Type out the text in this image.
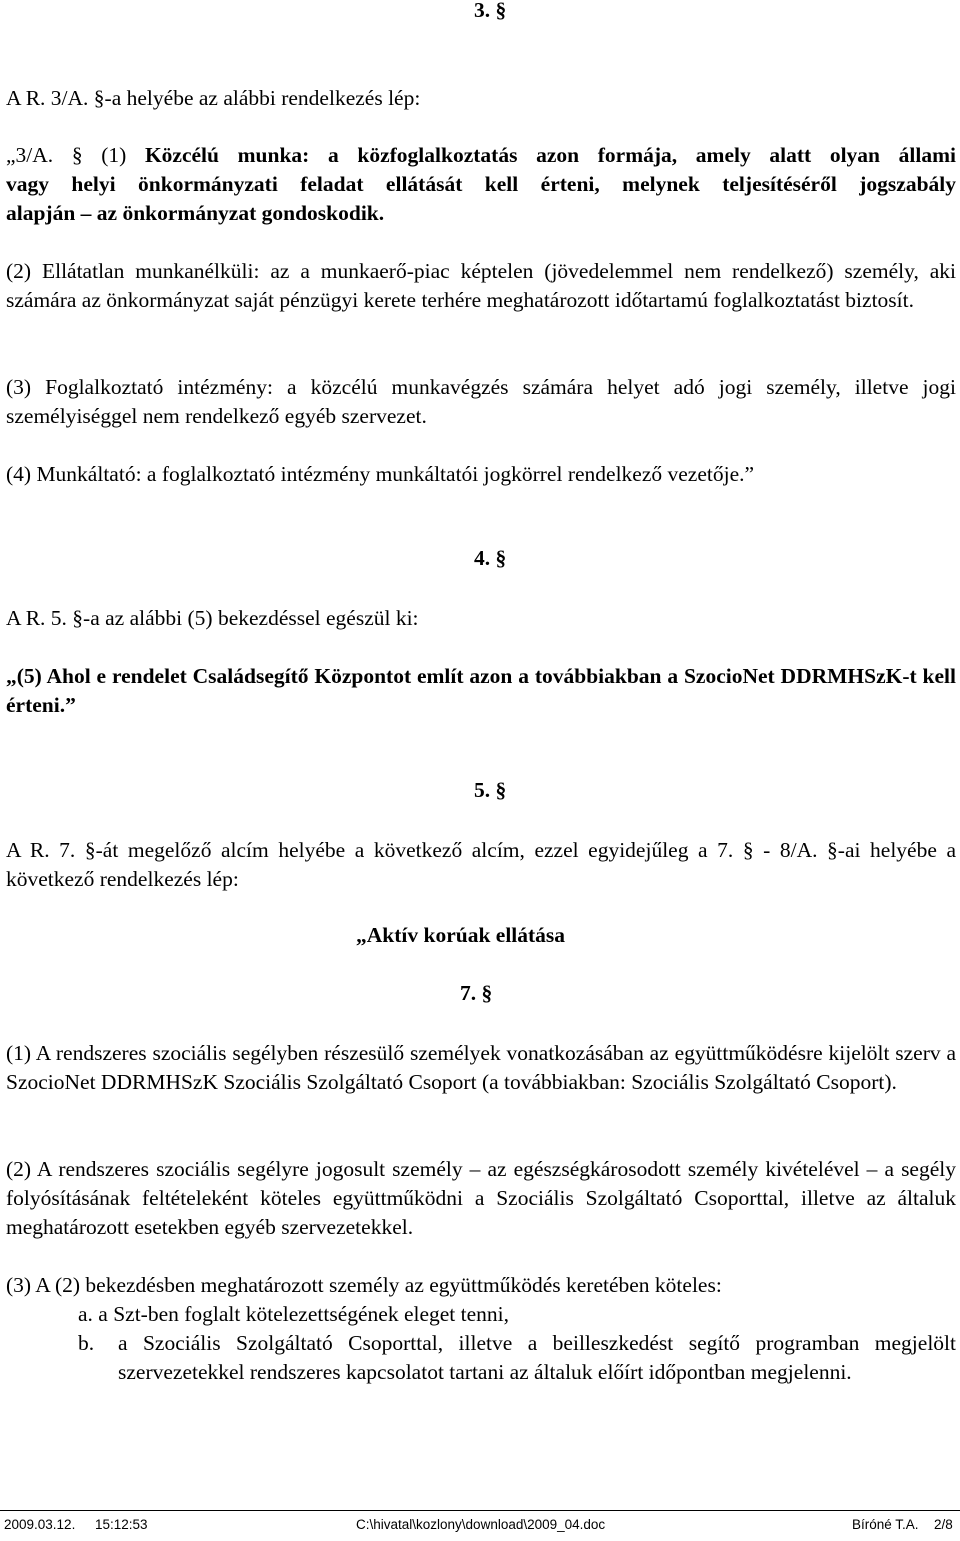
3. §
A R. 3/A. §-a helyébe az alábbi rendelkezés lép:
„3/A. § (1) Közcélú munka: a közfoglalkoztatás azon formája, amely alatt olyan állami
vagy helyi önkormányzati feladat ellátását kell érteni, melynek teljesítéséről jogszabály
alapján – az önkormányzat gondoskodik.
(2) Ellátatlan munkanélküli: az a munkaerő-piac képtelen (jövedelemmel nem rendelkező) személy, aki számára az önkormányzat saját pénzügyi kerete terhére meghatározott időtartamú foglalkoztatást biztosít.
(3) Foglalkoztató intézmény: a közcélú munkavégzés számára helyet adó jogi személy, illetve jogi személyiséggel nem rendelkező egyéb szervezet.
(4) Munkáltató: a foglalkoztató intézmény munkáltatói jogkörrel rendelkező vezetője.”
4. §
A R. 5. §-a az alábbi (5) bekezdéssel egészül ki:
„(5) Ahol e rendelet Családsegítő Központot említ azon a továbbiakban a SzocioNet DDRMHSzK-t kell érteni.”
5. §
A R. 7. §-át megelőző alcím helyébe a következő alcím, ezzel egyidejűleg a 7. § - 8/A. §-ai helyébe a következő rendelkezés lép:
„Aktív korúak ellátása
7. §
(1) A rendszeres szociális segélyben részesülő személyek vonatkozásában az együttműködésre kijelölt szerv a SzocioNet DDRMHSzK Szociális Szolgáltató Csoport (a továbbiakban: Szociális Szolgáltató Csoport).
(2) A rendszeres szociális segélyre jogosult személy – az egészségkárosodott személy kivételével – a segély folyósításának feltételeként köteles együttműködni a Szociális Szolgáltató Csoporttal, illetve az általuk meghatározott esetekben egyéb szervezetekkel.
(3) A (2) bekezdésben meghatározott személy az együttműködés keretében köteles:
a. a Szt-ben foglalt kötelezettségének eleget tenni,
b. a Szociális Szolgáltató Csoporttal, illetve a beilleszkedést segítő programban megjelölt szervezetekkel rendszeres kapcsolatot tartani az általuk előírt időpontban megjelenni.
2009.03.12. 15:12:53	C:\hivatal\kozlony\download\2009_04.doc	Bíróné T.A. 2/8
